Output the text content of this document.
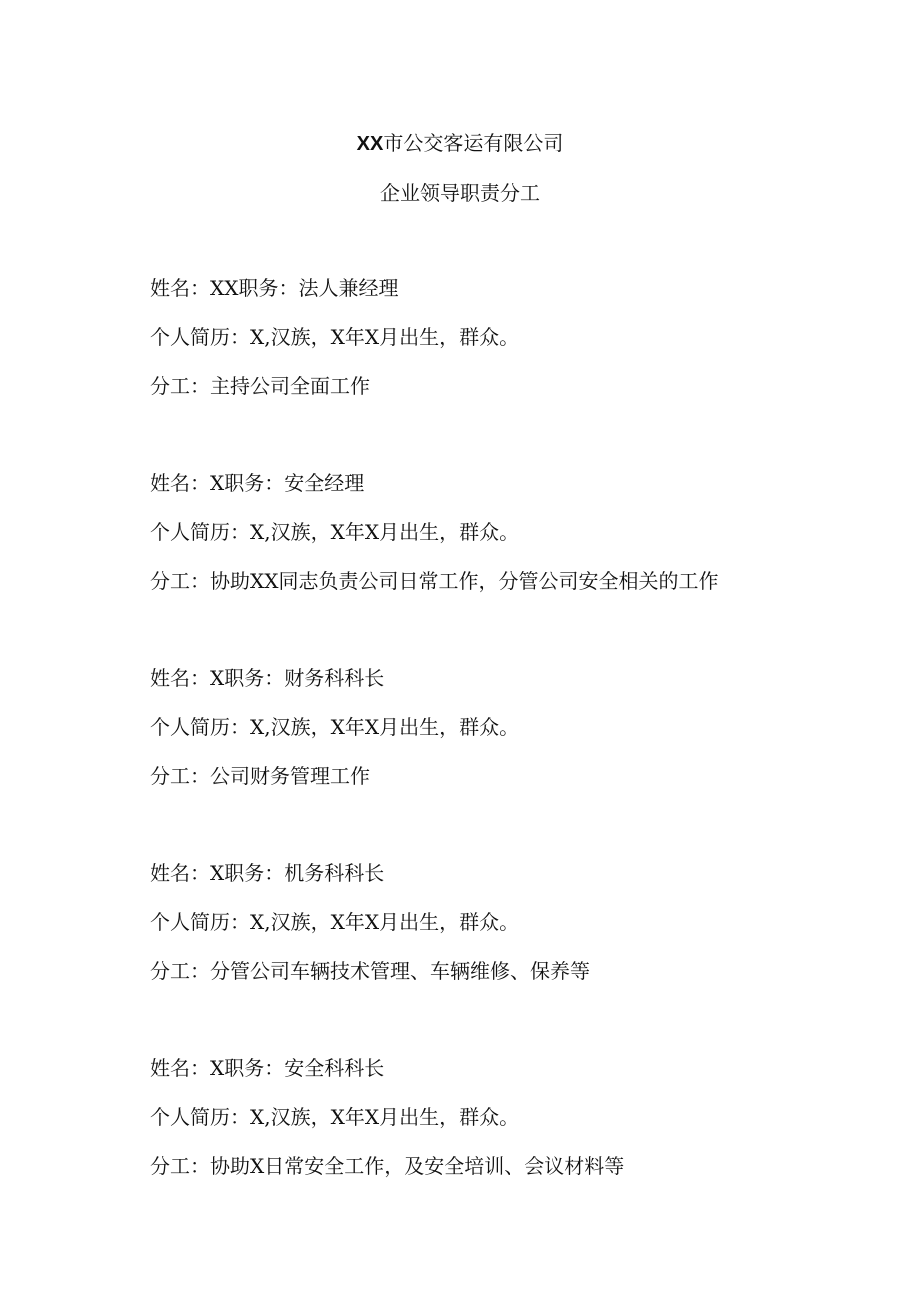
XX市公交客运有限公司
企业领导职责分工
姓名：XX职务：法人兼经理
个人简历：X,汉族，X年X月出生，群众。
分工：主持公司全面工作
姓名：X职务：安全经理
个人简历：X,汉族，X年X月出生，群众。
分工：协助XX同志负责公司日常工作，分管公司安全相关的工作
姓名：X职务：财务科科长
个人简历：X,汉族，X年X月出生，群众。
分工：公司财务管理工作
姓名：X职务：机务科科长
个人简历：X,汉族，X年X月出生，群众。
分工：分管公司车辆技术管理、车辆维修、保养等
姓名：X职务：安全科科长
个人简历：X,汉族，X年X月出生，群众。
分工：协助X日常安全工作，及安全培训、会议材料等
